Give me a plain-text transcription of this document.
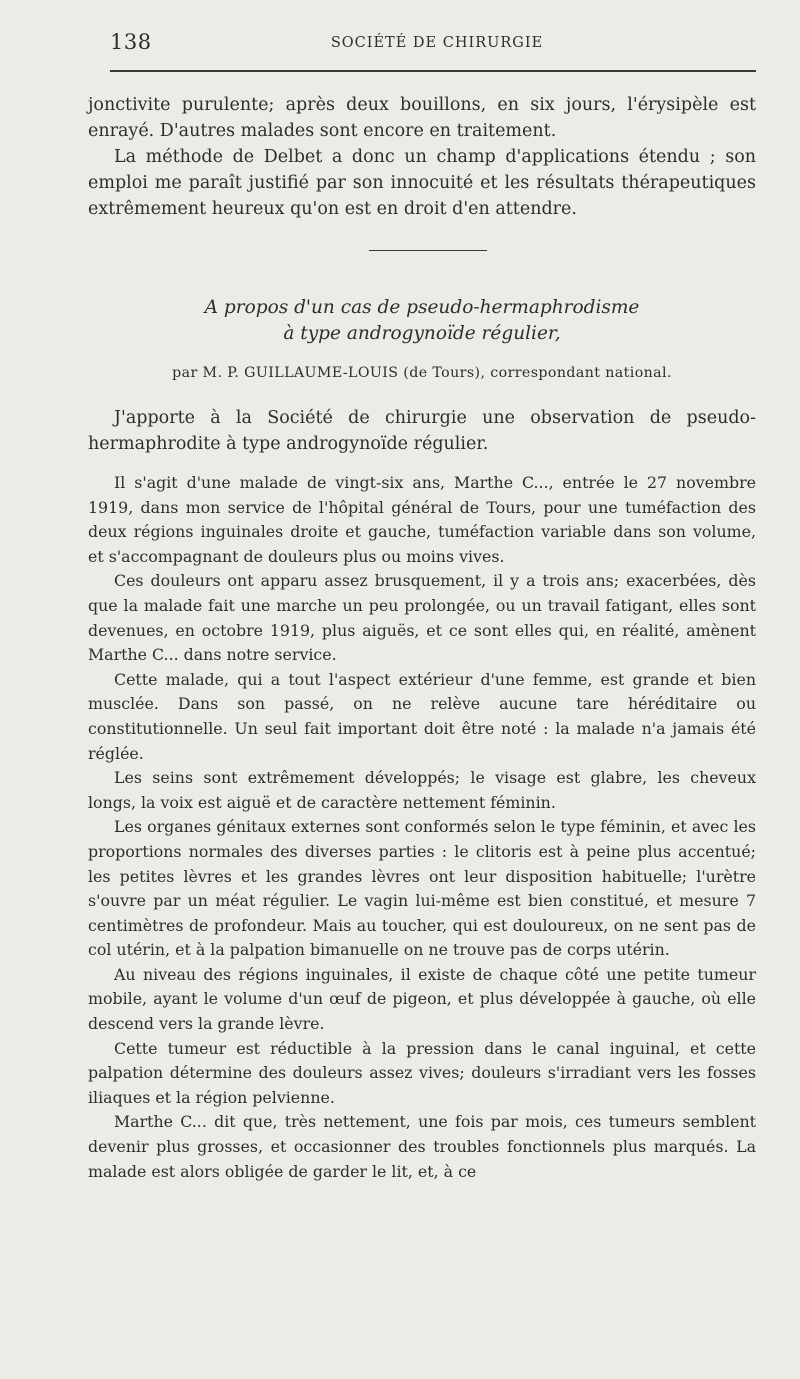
138	SOCIÉTÉ DE CHIRURGIE

jonctivite purulente; après deux bouillons, en six jours, l'érysipèle est enrayé. D'autres malades sont encore en traitement.

La méthode de Delbet a donc un champ d'applications étendu ; son emploi me paraît justifié par son innocuité et les résultats thérapeutiques extrêmement heureux qu'on est en droit d'en attendre.

A propos d'un cas de pseudo-hermaphrodisme
à type androgynoïde régulier,
par M. P. GUILLAUME-LOUIS (de Tours), correspondant national.

J'apporte à la Société de chirurgie une observation de pseudo-hermaphrodite à type androgynoïde régulier.

Il s'agit d'une malade de vingt-six ans, Marthe C..., entrée le 27 novembre 1919, dans mon service de l'hôpital général de Tours, pour une tuméfaction des deux régions inguinales droite et gauche, tuméfaction variable dans son volume, et s'accompagnant de douleurs plus ou moins vives.

Ces douleurs ont apparu assez brusquement, il y a trois ans; exacerbées, dès que la malade fait une marche un peu prolongée, ou un travail fatigant, elles sont devenues, en octobre 1919, plus aiguës, et ce sont elles qui, en réalité, amènent Marthe C... dans notre service.

Cette malade, qui a tout l'aspect extérieur d'une femme, est grande et bien musclée. Dans son passé, on ne relève aucune tare héréditaire ou constitutionnelle. Un seul fait important doit être noté : la malade n'a jamais été réglée.

Les seins sont extrêmement développés; le visage est glabre, les cheveux longs, la voix est aiguë et de caractère nettement féminin.

Les organes génitaux externes sont conformés selon le type féminin, et avec les proportions normales des diverses parties : le clitoris est à peine plus accentué; les petites lèvres et les grandes lèvres ont leur disposition habituelle; l'urètre s'ouvre par un méat régulier. Le vagin lui-même est bien constitué, et mesure 7 centimètres de profondeur. Mais au toucher, qui est douloureux, on ne sent pas de col utérin, et à la palpation bimanuelle on ne trouve pas de corps utérin.

Au niveau des régions inguinales, il existe de chaque côté une petite tumeur mobile, ayant le volume d'un œuf de pigeon, et plus développée à gauche, où elle descend vers la grande lèvre.

Cette tumeur est réductible à la pression dans le canal inguinal, et cette palpation détermine des douleurs assez vives; douleurs s'irradiant vers les fosses iliaques et la région pelvienne.

Marthe C... dit que, très nettement, une fois par mois, ces tumeurs semblent devenir plus grosses, et occasionner des troubles fonctionnels plus marqués. La malade est alors obligée de garder le lit, et, à ce
